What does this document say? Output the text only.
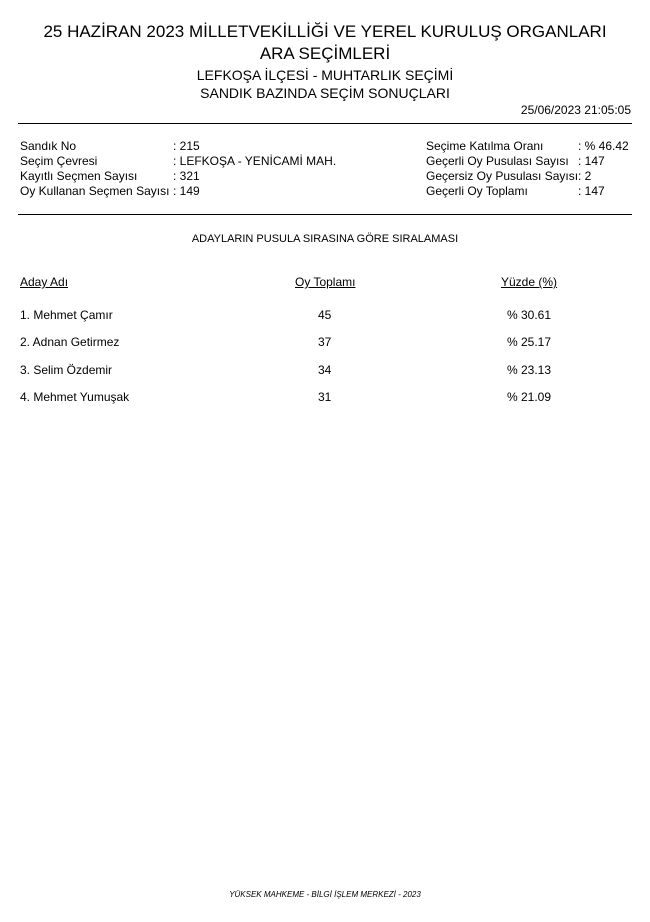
25 HAZİRAN 2023 MİLLETVEKİLLİĞİ VE YEREL KURULUŞ ORGANLARI
ARA SEÇİMLERİ
LEFKOŞA İLÇESİ - MUHTARLIK SEÇİMİ
SANDIK BAZINDA SEÇİM SONUÇLARI
25/06/2023 21:05:05
Sandık No	: 215
Seçim Çevresi	: LEFKOŞA - YENİCAMİ MAH.
Kayıtlı Seçmen Sayısı	: 321
Oy Kullanan Seçmen Sayısı : 149
Seçime Katılma Oranı	: % 46.42
Geçerli Oy Pusulası Sayısı : 147
Geçersiz Oy Pusulası Sayısı : 2
Geçerli Oy Toplamı	: 147
ADAYLARIN PUSULA SIRASINA GÖRE SIRALAMASI
Aday Adı	Oy Toplamı	Yüzde (%)
1. Mehmet Çamır	45	% 30.61
2. Adnan Getirmez	37	% 25.17
3. Selim Özdemir	34	% 23.13
4. Mehmet Yumuşak	31	% 21.09
YÜKSEK MAHKEME - BİLGİ İŞLEM MERKEZİ - 2023
